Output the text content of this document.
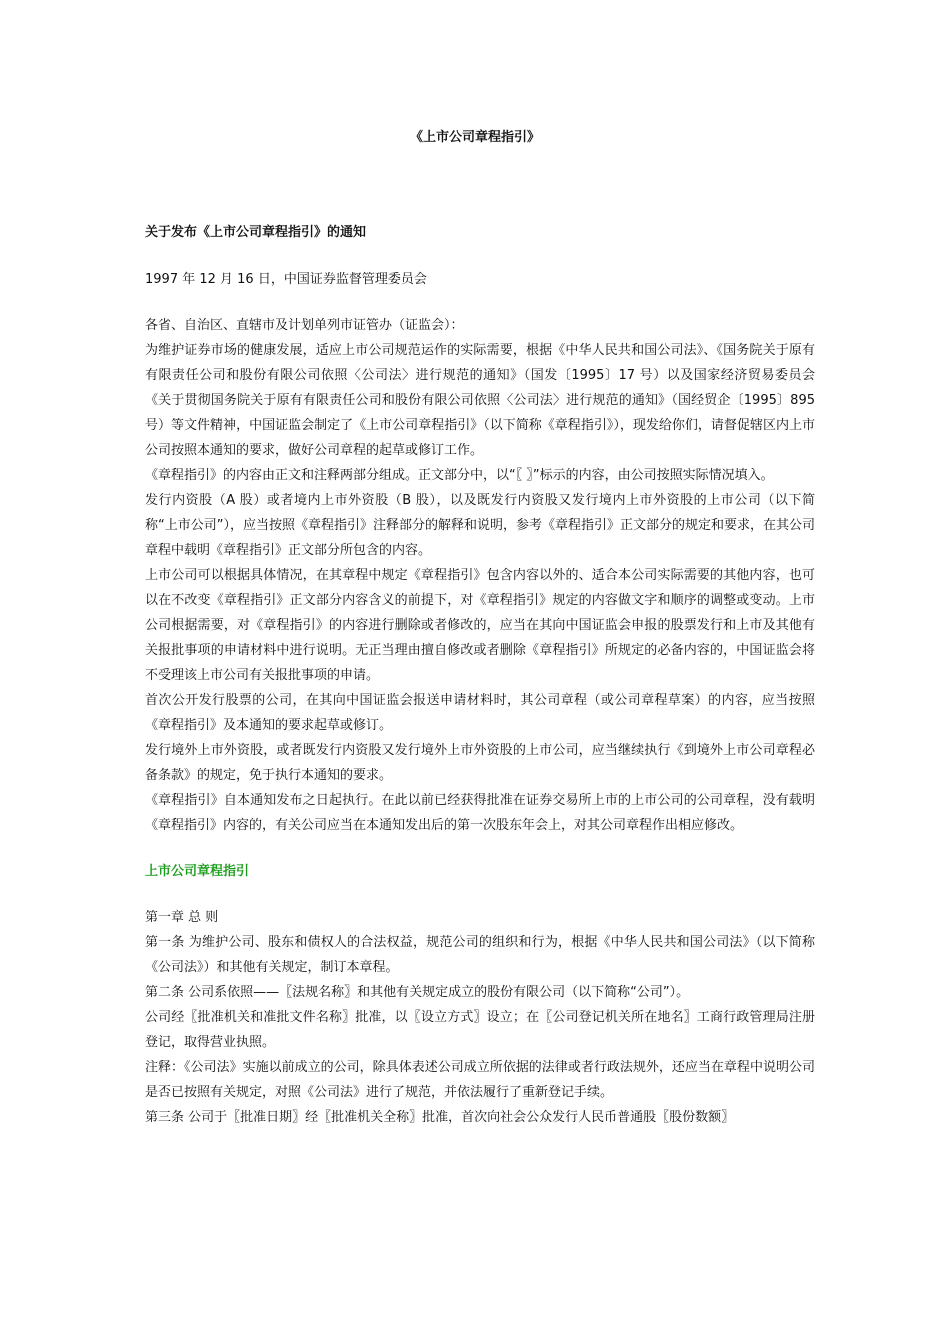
《上市公司章程指引》

关于发布《上市公司章程指引》的通知

1997 年 12 月 16 日，中国证券监督管理委员会

各省、自治区、直辖市及计划单列市证管办（证监会）：

为维护证券市场的健康发展，适应上市公司规范运作的实际需要，根据《中华人民共和国公司法》、《国务院关于原有有限责任公司和股份有限公司依照〈公司法〉进行规范的通知》（国发〔1995〕17 号）以及国家经济贸易委员会《关于贯彻国务院关于原有有限责任公司和股份有限公司依照〈公司法〉进行规范的通知》（国经贸企〔1995〕895 号）等文件精神，中国证监会制定了《上市公司章程指引》（以下简称《章程指引》），现发给你们，请督促辖区内上市公司按照本通知的要求，做好公司章程的起草或修订工作。

《章程指引》的内容由正文和注释两部分组成。正文部分中，以“〖 〗”标示的内容，由公司按照实际情况填入。

发行内资股（A 股）或者境内上市外资股（B 股），以及既发行内资股又发行境内上市外资股的上市公司（以下简称“上市公司”），应当按照《章程指引》注释部分的解释和说明，参考《章程指引》正文部分的规定和要求，在其公司章程中载明《章程指引》正文部分所包含的内容。

上市公司可以根据具体情况，在其章程中规定《章程指引》包含内容以外的、适合本公司实际需要的其他内容，也可以在不改变《章程指引》正文部分内容含义的前提下，对《章程指引》规定的内容做文字和顺序的调整或变动。上市公司根据需要，对《章程指引》的内容进行删除或者修改的，应当在其向中国证监会申报的股票发行和上市及其他有关报批事项的申请材料中进行说明。无正当理由擅自修改或者删除《章程指引》所规定的必备内容的，中国证监会将不受理该上市公司有关报批事项的申请。

首次公开发行股票的公司，在其向中国证监会报送申请材料时，其公司章程（或公司章程草案）的内容，应当按照《章程指引》及本通知的要求起草或修订。

发行境外上市外资股，或者既发行内资股又发行境外上市外资股的上市公司，应当继续执行《到境外上市公司章程必备条款》的规定，免于执行本通知的要求。

《章程指引》自本通知发布之日起执行。在此以前已经获得批准在证券交易所上市的上市公司的公司章程，没有载明《章程指引》内容的，有关公司应当在本通知发出后的第一次股东年会上，对其公司章程作出相应修改。

上市公司章程指引

第一章 总 则

第一条 为维护公司、股东和债权人的合法权益，规范公司的组织和行为，根据《中华人民共和国公司法》（以下简称《公司法》）和其他有关规定，制订本章程。

第二条 公司系依照——〖法规名称〗和其他有关规定成立的股份有限公司（以下简称“公司”）。

公司经〖批准机关和准批文件名称〗批准，以〖设立方式〗设立；在〖公司登记机关所在地名〗工商行政管理局注册登记，取得营业执照。

注释：《公司法》实施以前成立的公司，除具体表述公司成立所依据的法律或者行政法规外，还应当在章程中说明公司是否已按照有关规定，对照《公司法》进行了规范，并依法履行了重新登记手续。

第三条 公司于〖批准日期〗经〖批准机关全称〗批准，首次向社会公众发行人民币普通股〖股份数额〗
